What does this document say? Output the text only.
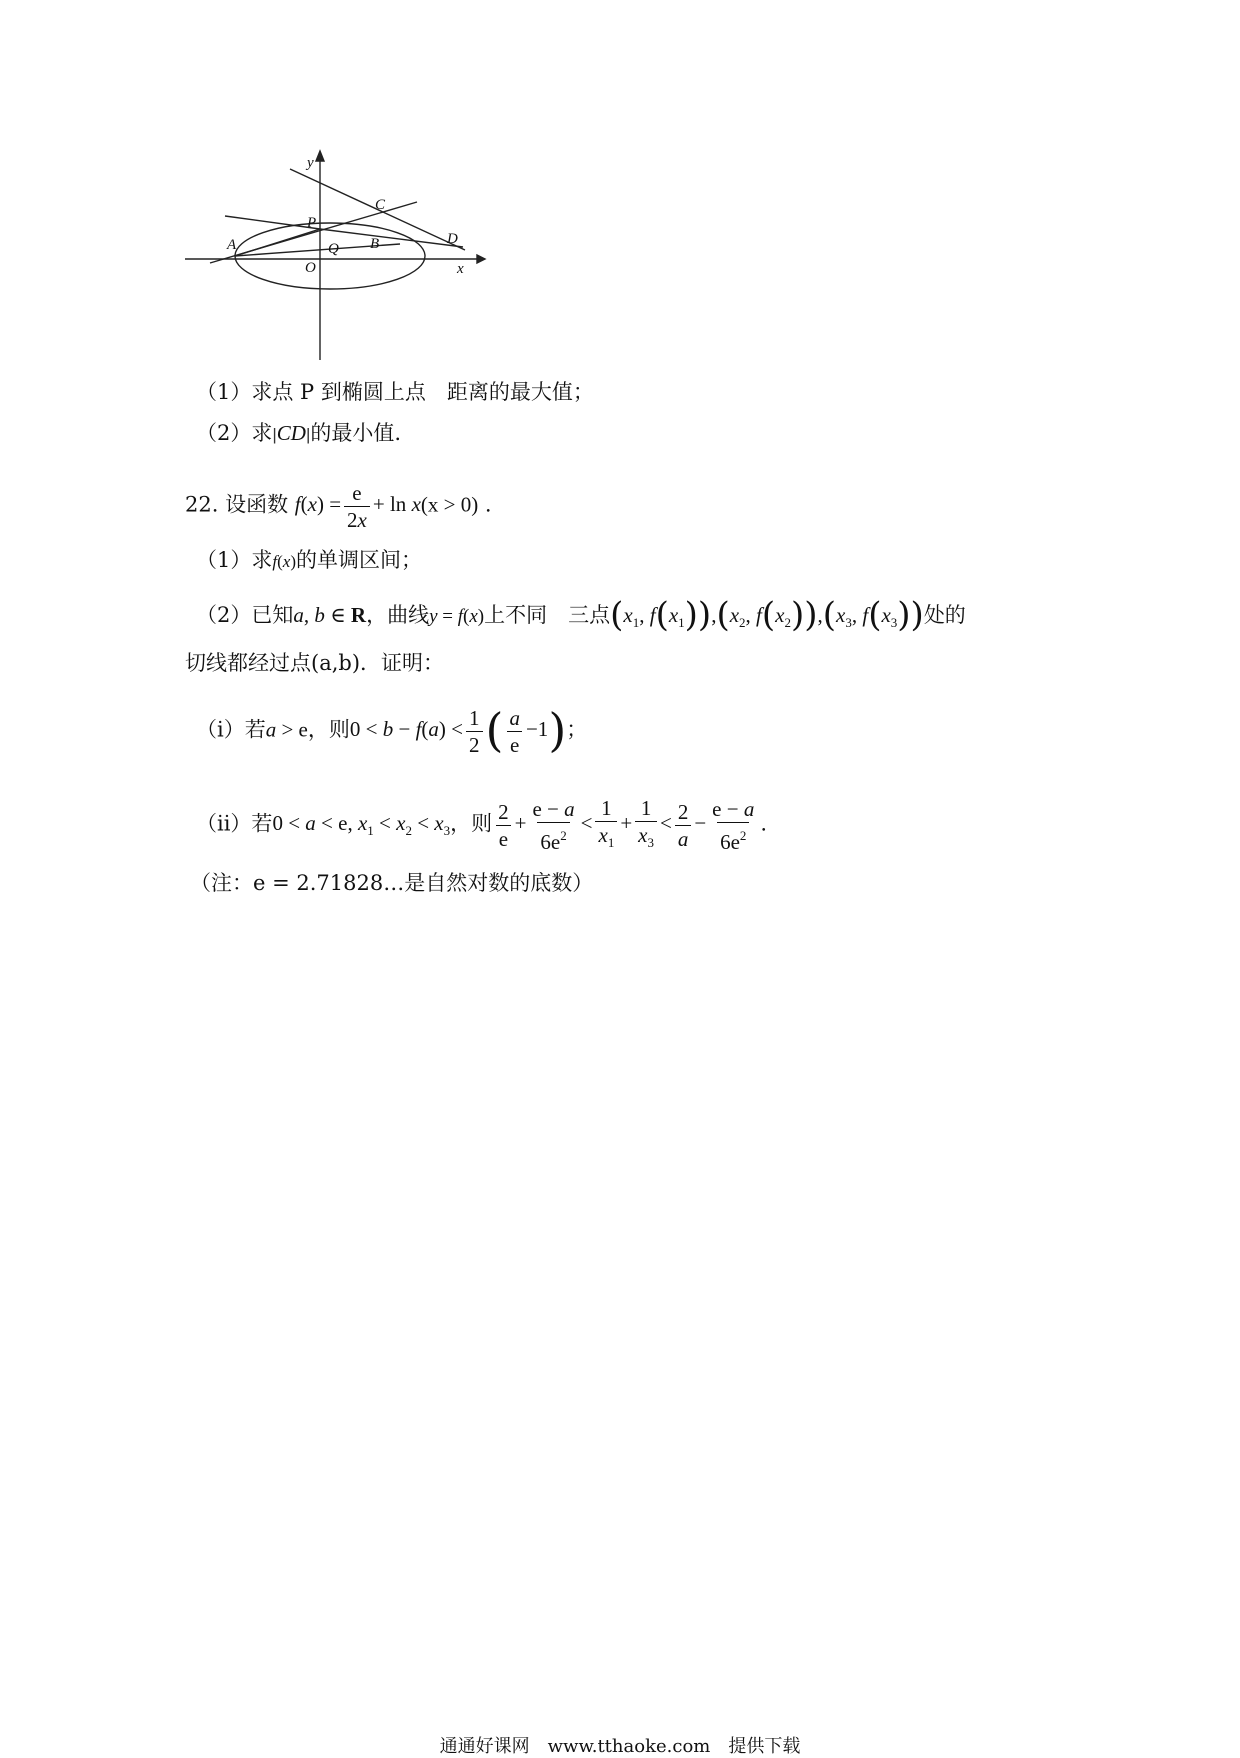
y
P
C
A	Q B	D
O	x
（1）求点 P 到椭圆上点　距离的最大值；
（2）求|CD|的最小值.
22. 设函数 $f(x) = \frac{e}{2x} + \ln x(x > 0)$ .
（1）求f(x)的单调区间；
（2）已知a, b ∈ R，曲线y = f(x)上不同　三点($x_1$, $f(x_1)),(x_2$, $f(x_2)),(x_3$, $f(x_3)$)处的
切线都经过点(a,b)．证明：
（i）若a > e，则$0 < b - f(a) < \frac{1}{2}$ ( $\frac{a}{e} -1$)；
（ii）若0 < a < e, $x_1 < x_2 < x_3$，则 $\frac{2}{e} + \frac{e - a}{6e^2} < \frac{1}{x_1} + \frac{1}{x_3} < \frac{2}{a} - \frac{e - a}{6e^2}$ .
（注：e = 2.71828…是自然对数的底数）
通通好课网　www.tthaoke.com　提供下载
